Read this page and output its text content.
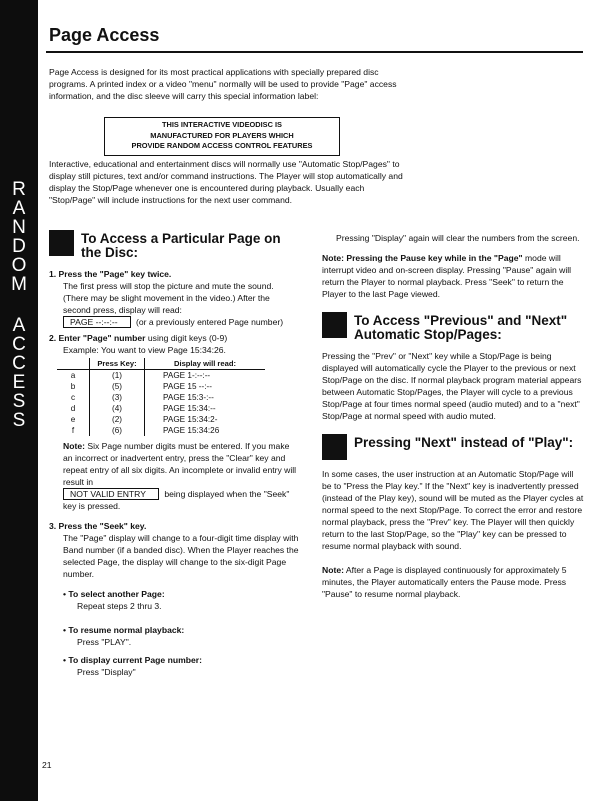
R
A
N
D
O
M
A
C
C
E
S
S
Page Access

Page Access is designed for its most practical applications with specially prepared disc programs. A printed index or a video "menu" normally will be used to provide "Page" access information, and the disc sleeve will carry this special information label:

THIS INTERACTIVE VIDEODISC IS
MANUFACTURED FOR PLAYERS WHICH
PROVIDE RANDOM ACCESS CONTROL FEATURES

Interactive, educational and entertainment discs will normally use "Automatic Stop/Pages" to display still pictures, text and/or command instructions. The Player will stop automatically and display the Stop/Page whenever one is encountered during playback. Usually each "Stop/Page" will include instructions for the next user command.

To Access a Particular Page on the Disc:

1. Press the "Page" key twice.

The first press will stop the picture and mute the sound. (There may be slight movement in the video.) After the second press, display will read:

PAGE --:--:-- (or a previously entered Page number)

2. Enter "Page" number using digit keys (0-9)

Example: You want to view Page 15:34:26.

	Press Key:	Display will read:
a	(1)	PAGE 1-:--:--
b	(5)	PAGE 15 --:--
c	(3)	PAGE 15:3-:--
d	(4)	PAGE 15:34:--
e	(2)	PAGE 15:34:2-
f	(6)	PAGE 15:34:26

Note: Six Page number digits must be entered. If you make an incorrect or inadvertent entry, press the "Clear" key and repeat entry of all six digits. An incomplete or invalid entry will result in

NOT VALID ENTRY being displayed when the "Seek" key is pressed.

3. Press the "Seek" key.

The "Page" display will change to a four-digit time display with Band number (if a banded disc). When the Player reaches the selected Page, the display will change to the six-digit Page number.

• To select another Page:

Repeat steps 2 thru 3.

• To resume normal playback:

Press "PLAY".

• To display current Page number:

Press "Display"

Pressing "Display" again will clear the numbers from the screen.

Note: Pressing the Pause key while in the "Page" mode will interrupt video and on-screen display. Pressing "Pause" again will return the Player to normal playback. Press "Seek" to return the Player to the last Page viewed.

To Access "Previous" and "Next" Automatic Stop/Pages:

Pressing the "Prev" or "Next" key while a Stop/Page is being displayed will automatically cycle the Player to the previous or next Stop/Page on the disc. If normal playback program material appears between Automatic Stop/Pages, the Player will cycle to a previous Stop/Page at four times normal speed (audio muted) and to a "next" Stop/Page at normal speed with audio muted.

Pressing "Next" instead of "Play":

In some cases, the user instruction at an Automatic Stop/Page will be to "Press the Play key." If the "Next" key is inadvertently pressed (instead of the Play key), sound will be muted as the Player cycles at normal speed to the next Stop/Page. To correct the error and restore normal playback, press the "Prev" key. The Player will then quickly return to the last Stop/Page, so the "Play" key can be pressed to resume normal playback with sound.

Note: After a Page is displayed continuously for approximately 5 minutes, the Player automatically enters the Pause mode. Press "Pause" to resume normal playback.

21
